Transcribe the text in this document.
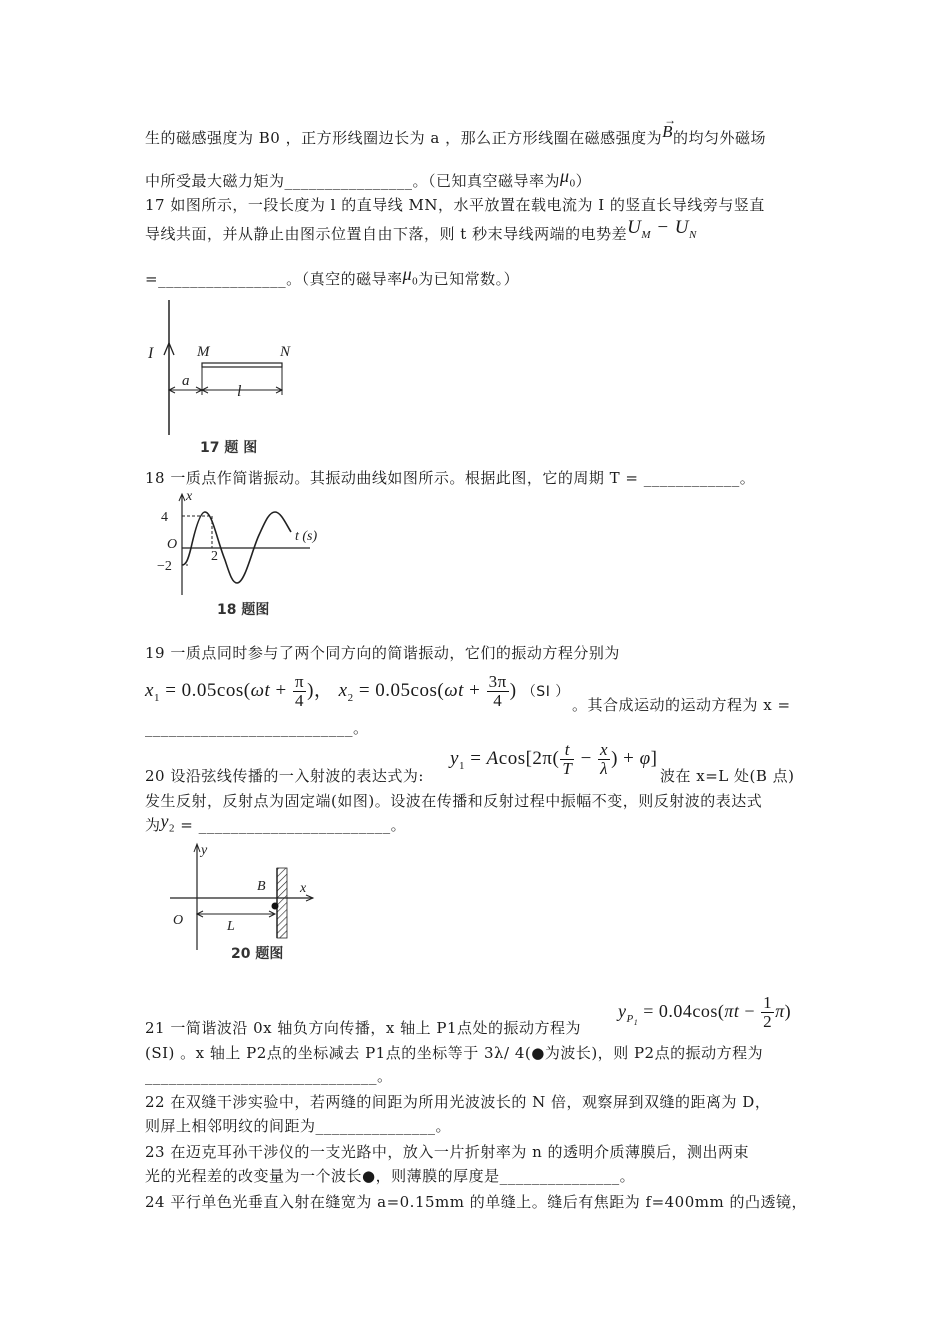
生的磁感强度为 B0 ，正方形线圈边长为 a ，那么正方形线圈在磁感强度为B
→
的均匀外磁场
中所受最大磁力矩为________________。（已知真空磁导率为$\mu_0$）
17 如图所示，一段长度为 l 的直导线 MN，水平放置在载电流为 I 的竖直长导线旁与竖直
导线共面，并从静止由图示位置自由下落，则 t 秒末导线两端的电势差$U_M - U_N$
=________________。（真空的磁导率$\mu_0$为已知常数。）
I	M	N
a
l
17 题 图
18 一质点作简谐振动。其振动曲线如图所示。根据此图，它的周期 T = ____________。
x
t (s)
4
O
−2
2
18 题图
19 一质点同时参与了两个同方向的简谐振动，它们的振动方程分别为
$x_1 = 0.05\cos(\omega t + \frac{\pi}{4}$ )， $x_2 = 0.05\cos(\omega t + \frac{3\pi}{4}$ ) （SI ）
。其合成运动的运动方程为 x =
__________________________。
$y_1 = Acos[2\pi( \frac{t}{T} - \frac{x}{\lambda}$ ) + φ]
20 设沿弦线传播的一入射波的表达式为:	波在 x=L 处(B 点)
发生反射，反射点为固定端(如图)。设波在传播和反射过程中振幅不变，则反射波的表达式
为$y_2$ = ________________________。
y
x
B
O	L
20 题图
$y_{P_1} = 0.04\cos(\pi t - \frac{1}{2} \pi)$
21 一简谐波沿 0x 轴负方向传播，x 轴上 P1点处的振动方程为
(SI) 。x 轴上 P2点的坐标减去 P1点的坐标等于 3λ/ 4(●为波长)，则 P2点的振动方程为
_____________________________。
22 在双缝干涉实验中，若两缝的间距为所用光波波长的 N 倍，观察屏到双缝的距离为 D，
则屏上相邻明纹的间距为_______________。
23 在迈克耳孙干涉仪的一支光路中，放入一片折射率为 n 的透明介质薄膜后，测出两束
光的光程差的改变量为一个波长●，则薄膜的厚度是_______________。
24 平行单色光垂直入射在缝宽为 a=0.15mm 的单缝上。缝后有焦距为 f=400mm 的凸透镜，
